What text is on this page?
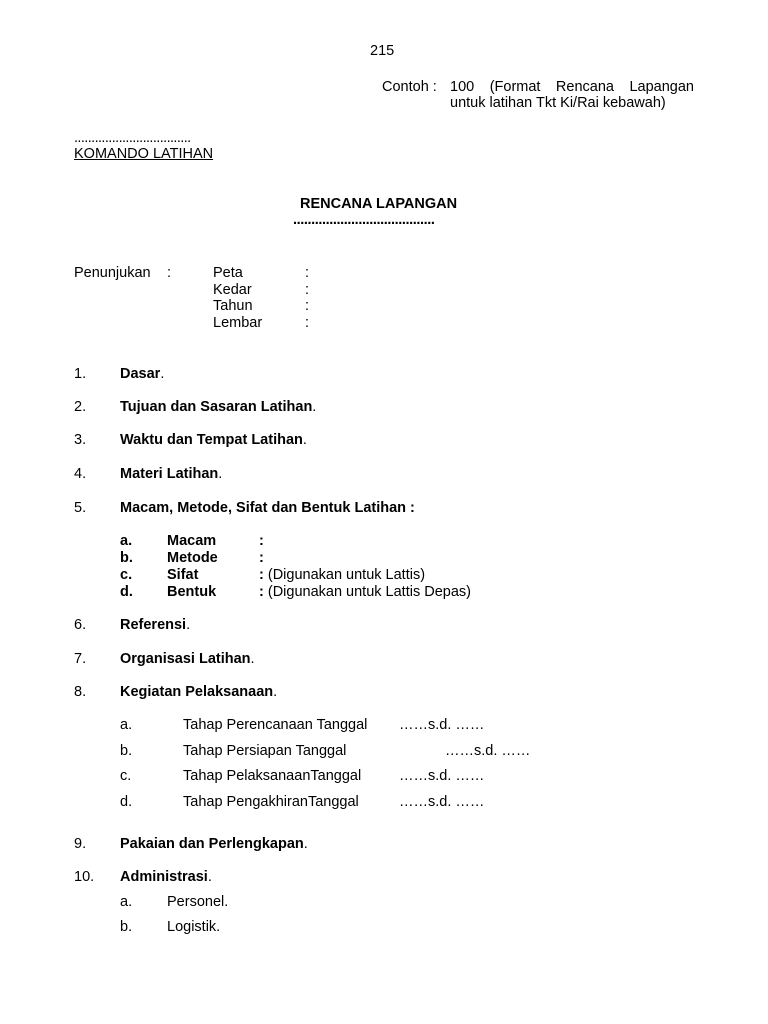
215
Contoh : 100 (Format Rencana Lapangan
untuk latihan Tkt Ki/Rai kebawah)
..................................
KOMANDO LATIHAN
RENCANA LAPANGAN
.......................................
Penunjukan :	Peta	:
Kedar	:
Tahun	:
Lembar	:
1. Dasar.
2. Tujuan dan Sasaran Latihan.
3. Waktu dan Tempat Latihan.
4. Materi Latihan.
5. Macam, Metode, Sifat dan Bentuk Latihan :
a. Macam	:
b. Metode	:
c. Sifat	: (Digunakan untuk Lattis)
d. Bentuk	: (Digunakan untuk Lattis Depas)
6. Referensi.
7. Organisasi Latihan.
8. Kegiatan Pelaksanaan.
a.	Tahap Perencanaan Tanggal ……s.d. ……
b.	Tahap Persiapan Tanggal	……s.d. ……
c.	Tahap PelaksanaanTanggal	……s.d. ……
d.	Tahap PengakhiranTanggal	……s.d. ……
9. Pakaian dan Perlengkapan.
10. Administrasi.
a. Personel.
b. Logistik.
